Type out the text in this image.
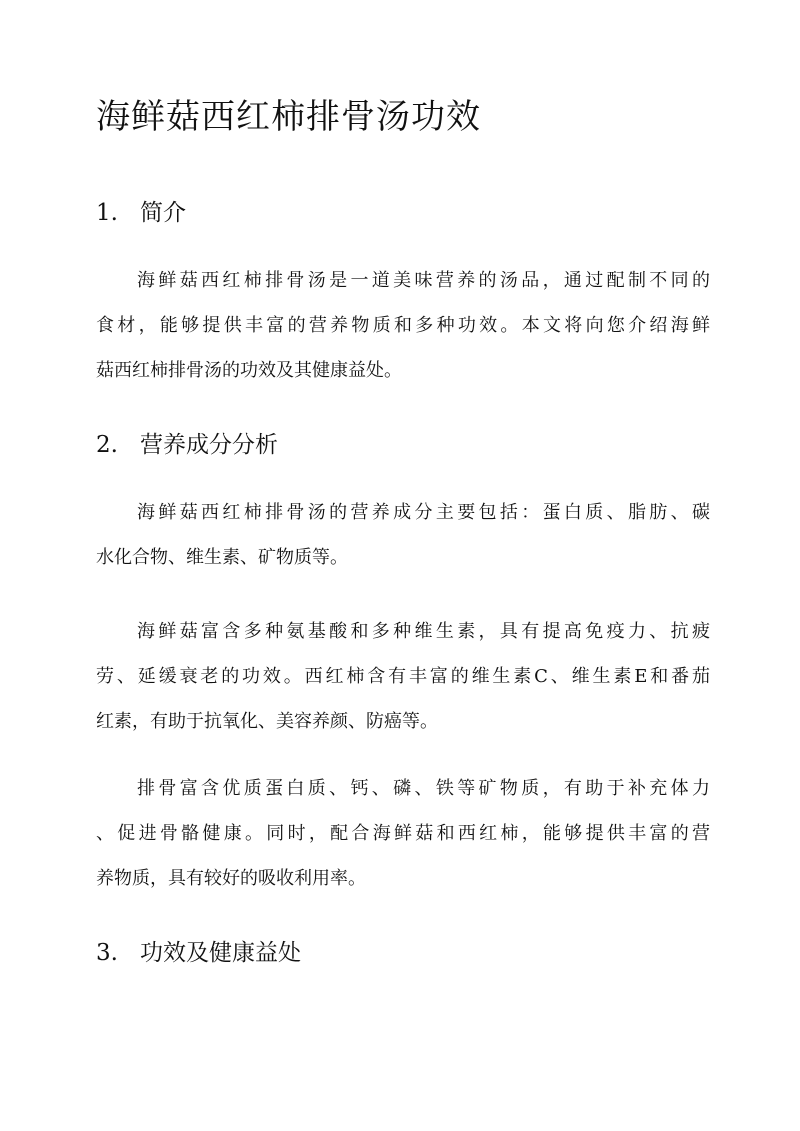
海鲜菇西红柿排骨汤功效
1. 简介
海鲜菇西红柿排骨汤是一道美味营养的汤品，通过配制不同的
食材，能够提供丰富的营养物质和多种功效。本文将向您介绍海鲜
菇西红柿排骨汤的功效及其健康益处。
2. 营养成分分析
海鲜菇西红柿排骨汤的营养成分主要包括：蛋白质、脂肪、碳
水化合物、维生素、矿物质等。
海鲜菇富含多种氨基酸和多种维生素，具有提高免疫力、抗疲
劳、延缓衰老的功效。西红柿含有丰富的维生素C、维生素E和番茄
红素，有助于抗氧化、美容养颜、防癌等。
排骨富含优质蛋白质、钙、磷、铁等矿物质，有助于补充体力
、促进骨骼健康。同时，配合海鲜菇和西红柿，能够提供丰富的营
养物质，具有较好的吸收利用率。
3. 功效及健康益处
